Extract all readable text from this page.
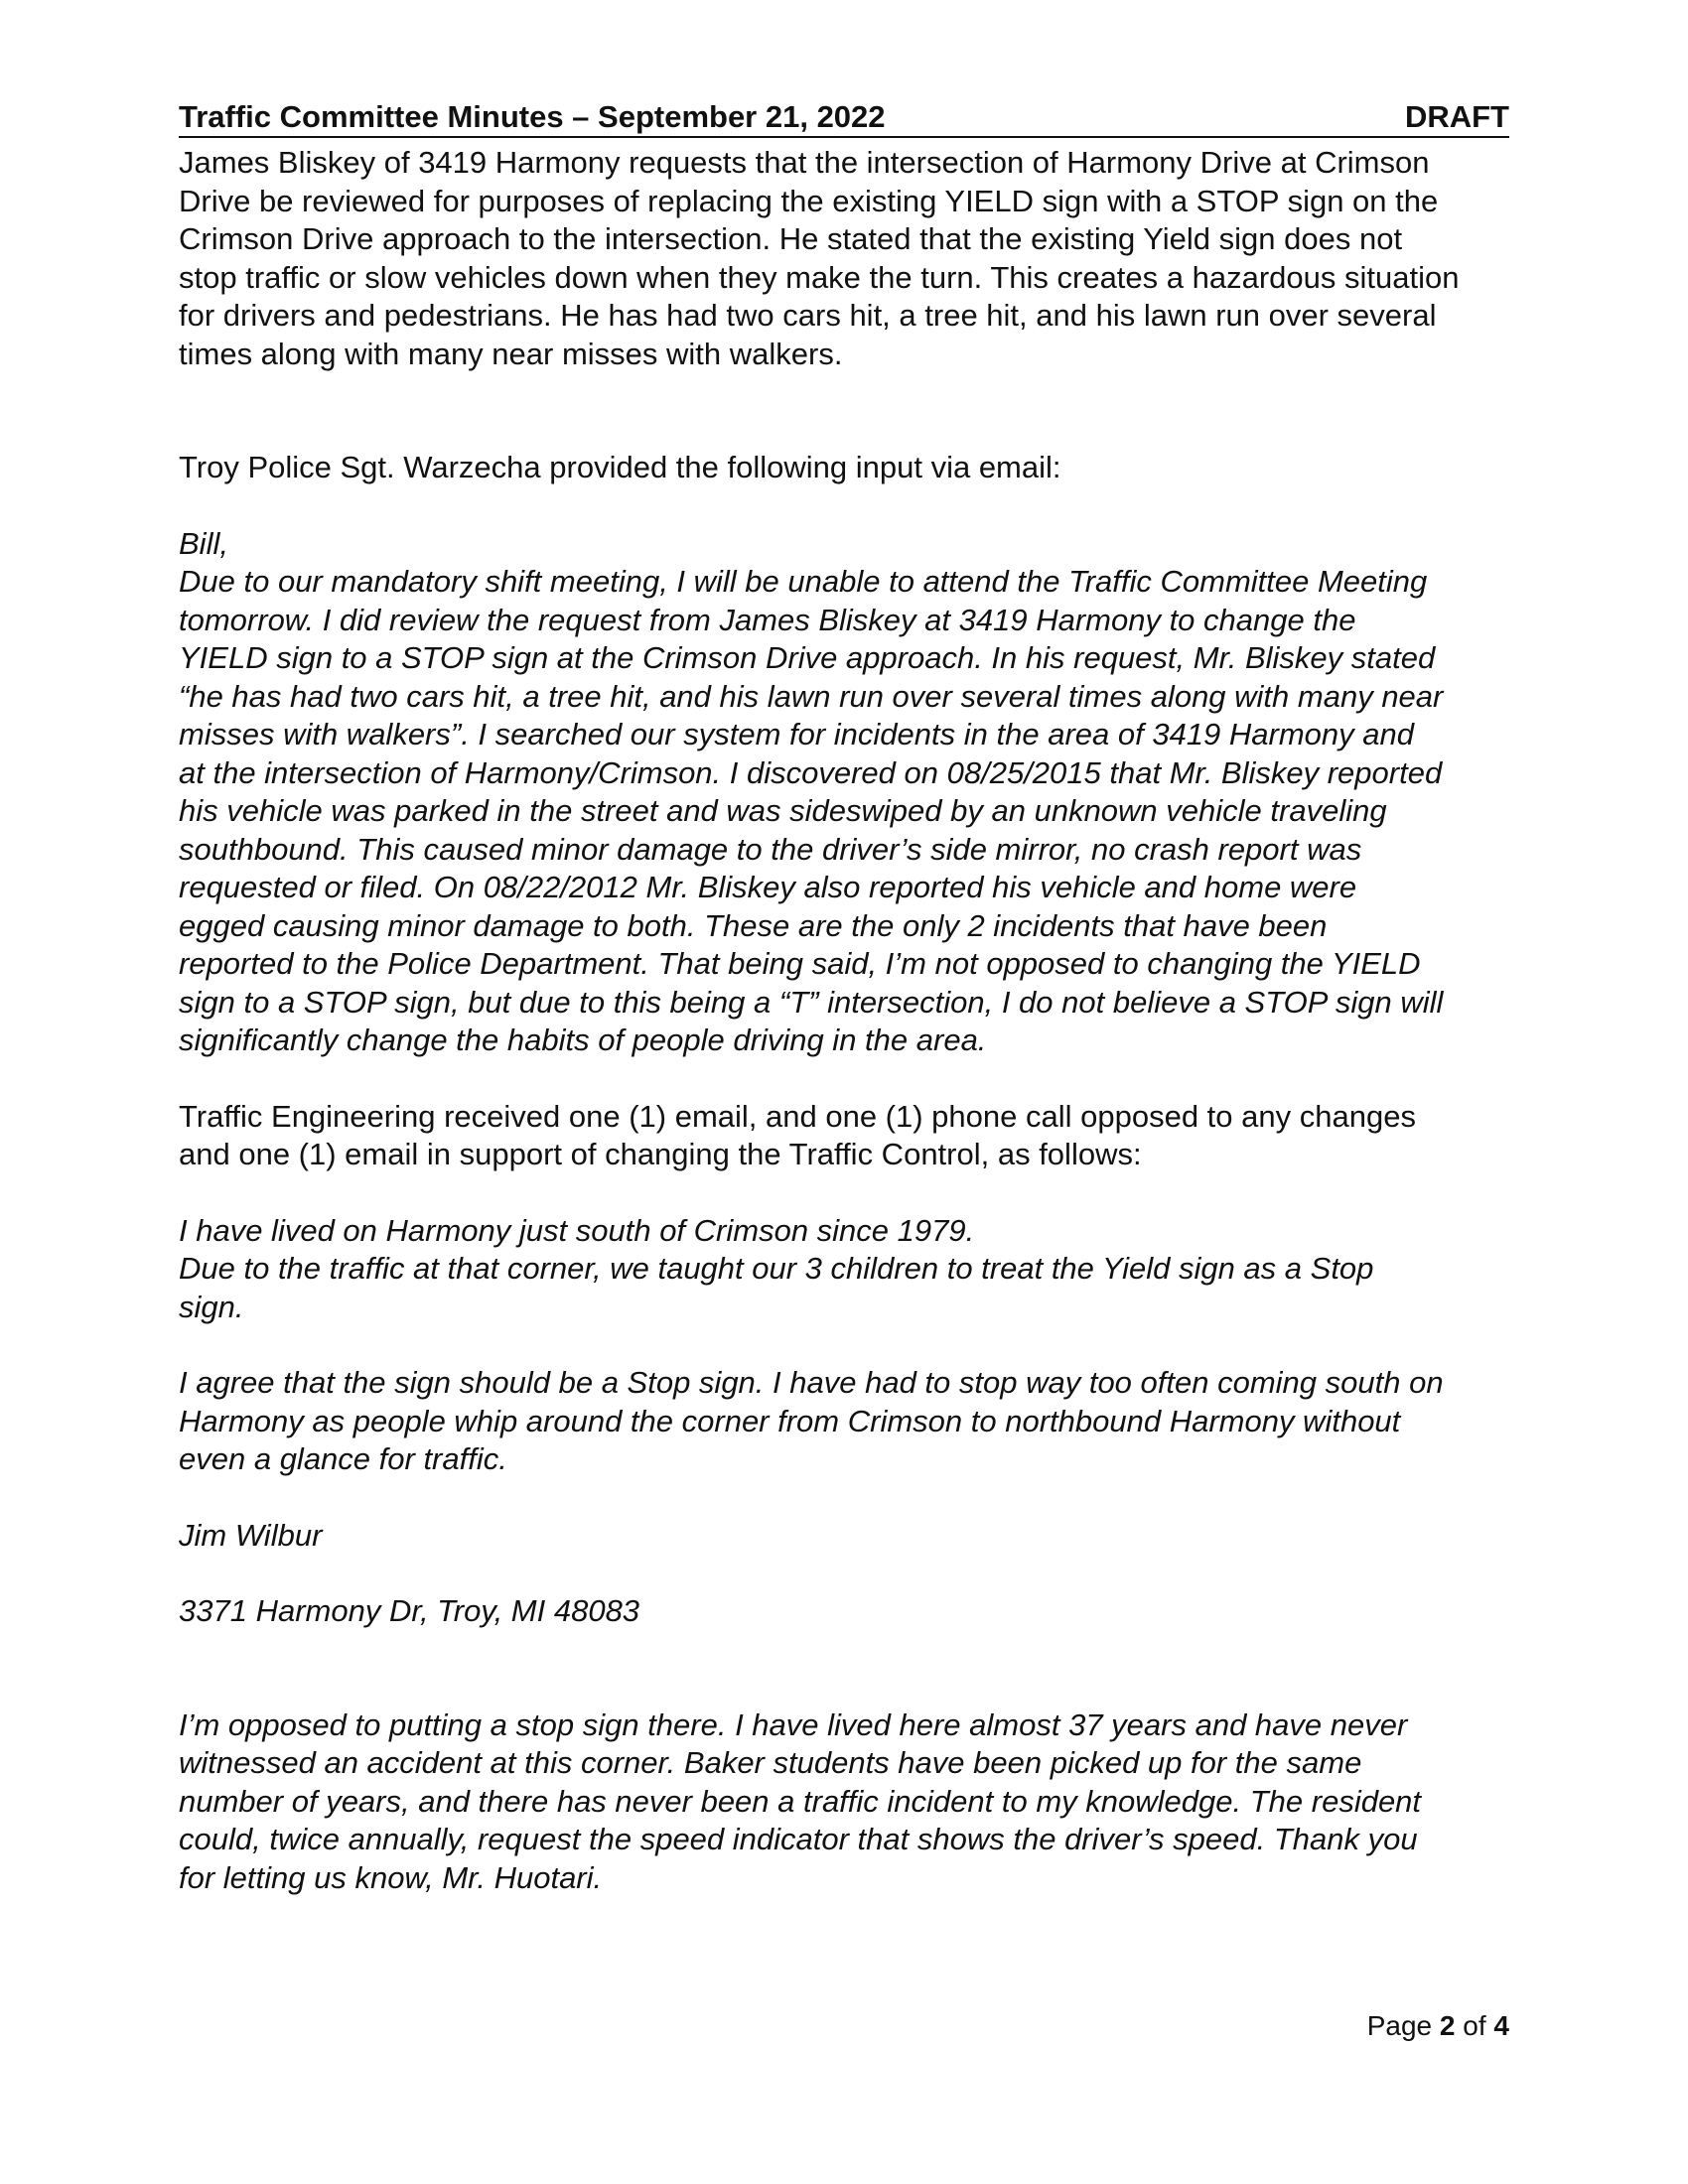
Traffic Committee Minutes – September 21, 2022	DRAFT

James Bliskey of 3419 Harmony requests that the intersection of Harmony Drive at Crimson

Drive be reviewed for purposes of replacing the existing YIELD sign with a STOP sign on the

Crimson Drive approach to the intersection. He stated that the existing Yield sign does not

stop traffic or slow vehicles down when they make the turn. This creates a hazardous situation

for drivers and pedestrians. He has had two cars hit, a tree hit, and his lawn run over several

times along with many near misses with walkers.

Troy Police Sgt. Warzecha provided the following input via email:

Bill,

Due to our mandatory shift meeting, I will be unable to attend the Traffic Committee Meeting

tomorrow. I did review the request from James Bliskey at 3419 Harmony to change the

YIELD sign to a STOP sign at the Crimson Drive approach. In his request, Mr. Bliskey stated

“he has had two cars hit, a tree hit, and his lawn run over several times along with many near

misses with walkers”. I searched our system for incidents in the area of 3419 Harmony and

at the intersection of Harmony/Crimson. I discovered on 08/25/2015 that Mr. Bliskey reported

his vehicle was parked in the street and was sideswiped by an unknown vehicle traveling

southbound. This caused minor damage to the driver’s side mirror, no crash report was

requested or filed. On 08/22/2012 Mr. Bliskey also reported his vehicle and home were

egged causing minor damage to both. These are the only 2 incidents that have been

reported to the Police Department. That being said, I’m not opposed to changing the YIELD

sign to a STOP sign, but due to this being a “T” intersection, I do not believe a STOP sign will

significantly change the habits of people driving in the area.

Traffic Engineering received one (1) email, and one (1) phone call opposed to any changes

and one (1) email in support of changing the Traffic Control, as follows:

I have lived on Harmony just south of Crimson since 1979.

Due to the traffic at that corner, we taught our 3 children to treat the Yield sign as a Stop

sign.

I agree that the sign should be a Stop sign. I have had to stop way too often coming south on

Harmony as people whip around the corner from Crimson to northbound Harmony without

even a glance for traffic.

Jim Wilbur

3371 Harmony Dr, Troy, MI 48083

I’m opposed to putting a stop sign there. I have lived here almost 37 years and have never

witnessed an accident at this corner. Baker students have been picked up for the same

number of years, and there has never been a traffic incident to my knowledge. The resident

could, twice annually, request the speed indicator that shows the driver’s speed. Thank you

for letting us know, Mr. Huotari.

Page 2 of 4
